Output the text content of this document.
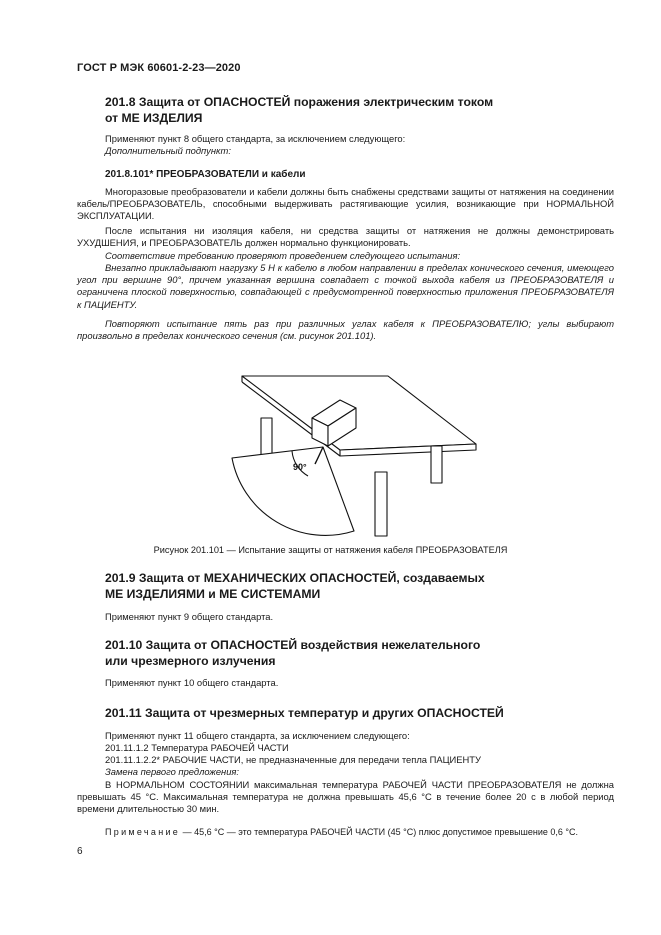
ГОСТ Р МЭК 60601-2-23—2020
201.8 Защита от ОПАСНОСТЕЙ поражения электрическим током
от МЕ ИЗДЕЛИЯ
Применяют пункт 8 общего стандарта, за исключением следующего:
Дополнительный подпункт:
201.8.101* ПРЕОБРАЗОВАТЕЛИ и кабели
Многоразовые преобразователи и кабели должны быть снабжены средствами защиты от натяжения на соединении кабель/ПРЕОБРАЗОВАТЕЛЬ, способными выдерживать растягивающие усилия, возникающие при НОРМАЛЬНОЙ ЭКСПЛУАТАЦИИ.
После испытания ни изоляция кабеля, ни средства защиты от натяжения не должны демонстрировать УХУДШЕНИЯ, и ПРЕОБРАЗОВАТЕЛЬ должен нормально функционировать.
Соответствие требованию проверяют проведением следующего испытания:
Внезапно прикладывают нагрузку 5 Н к кабелю в любом направлении в пределах конического сечения, имеющего угол при вершине 90°, причем указанная вершина совпадает с точкой выхода кабеля из ПРЕОБРАЗОВАТЕЛЯ и ограничена плоской поверхностью, совпадающей с предусмотренной поверхностью приложения ПРЕОБРАЗОВАТЕЛЯ к ПАЦИЕНТУ.
Повторяют испытание пять раз при различных углах кабеля к ПРЕОБРАЗОВАТЕЛЮ; углы выбирают произвольно в пределах конического сечения (см. рисунок 201.101).
90°
Рисунок 201.101 — Испытание защиты от натяжения кабеля ПРЕОБРАЗОВАТЕЛЯ
201.9 Защита от МЕХАНИЧЕСКИХ ОПАСНОСТЕЙ, создаваемых
МЕ ИЗДЕЛИЯМИ и МЕ СИСТЕМАМИ
Применяют пункт 9 общего стандарта.
201.10 Защита от ОПАСНОСТЕЙ воздействия нежелательного
или чрезмерного излучения
Применяют пункт 10 общего стандарта.
201.11 Защита от чрезмерных температур и других ОПАСНОСТЕЙ
Применяют пункт 11 общего стандарта, за исключением следующего:
201.11.1.2 Температура РАБОЧЕЙ ЧАСТИ
201.11.1.2.2* РАБОЧИЕ ЧАСТИ, не предназначенные для передачи тепла ПАЦИЕНТУ
Замена первого предложения:
В НОРМАЛЬНОМ СОСТОЯНИИ максимальная температура РАБОЧЕЙ ЧАСТИ ПРЕОБРАЗОВАТЕЛЯ не должна превышать 45 °С. Максимальная температура не должна превышать 45,6 °С в течение более 20 с в любой период времени длительностью 30 мин.
Примечание — 45,6 °С — это температура РАБОЧЕЙ ЧАСТИ (45 °С) плюс допустимое превышение 0,6 °С.
6
